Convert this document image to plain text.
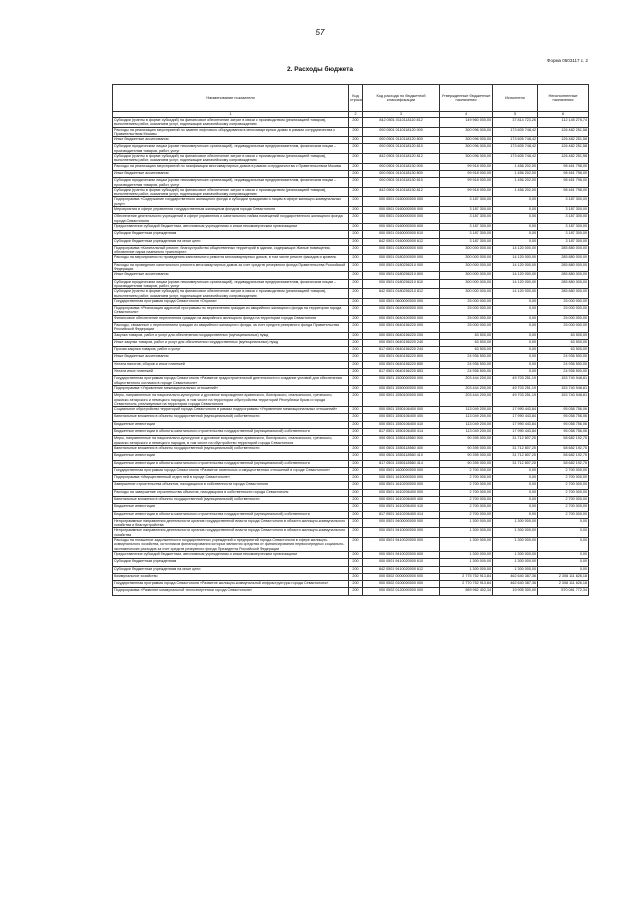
57
Форма 0503117 с. 2
2. Расходы бюджета
Наименование показателя	Код строки	Код расхода по бюджетной классификации	Утвержденные бюджетные назначения	Исполнено	Неисполненные назначения
1	2	3	4	5	6
Субсидии (гранты в форме субсидий) на финансовое обеспечение затрат в связи с производством (реализацией товаров), выполнением работ, оказанием услуг, подлежащие казначейскому сопровождению	200	842 0501 0110118110 812	149 960 000,00	37 814 723,26	112 145 276,74
Расходы на реализацию мероприятий по замене лифтового оборудования в многоквартирных домах в рамках сотрудничества с Правительством Москвы	200	000 0501 0110118120 000	300 096 000,00	173 605 748,42	126 482 251,58
Иные бюджетные ассигнования	200	000 0501 0110118120 800	300 096 000,00	173 605 748,42	126 482 251,58
Субсидии юридическим лицам (кроме некоммерческих организаций), индивидуальным предпринимателям, физическим лицам – производителям товаров, работ, услуг	200	000 0501 0110118120 810	300 096 000,00	173 605 748,42	126 482 251,58
Субсидии (гранты в форме субсидий) на финансовое обеспечение затрат в связи с производством (реализацией товаров), выполнением работ, оказанием услуг, подлежащие казначейскому сопровождению	200	842 0501 0110118120 812	300 096 000,00	173 605 748,42	126 482 251,58
Расходы на реализацию мероприятий по газификации многоквартирных домов в рамках сотрудничества с Правительством Москвы	200	000 0501 0110118130 000	99 918 000,00	1 456 202,00	98 461 798,00
Иные бюджетные ассигнования	200	000 0501 0110118130 800	99 918 000,00	1 456 202,00	98 461 798,00
Субсидии юридическим лицам (кроме некоммерческих организаций), индивидуальным предпринимателям, физическим лицам – производителям товаров, работ, услуг	200	000 0501 0110118130 810	99 918 000,00	1 456 202,00	98 461 798,00
Субсидии (гранты в форме субсидий) на финансовое обеспечение затрат в связи с производством (реализацией товаров), выполнением работ, оказанием услуг, подлежащие казначейскому сопровождению	200	842 0501 0110118130 812	99 918 000,00	1 456 202,00	98 461 798,00
Подпрограмма «Содержание государственного жилищного фонда и субсидии гражданам и лицам в сфере жилищно-коммунальных услуг»	200	000 0501 0160000000 000	3 187 300,00	0,00	3 187 300,00
Мероприятия в сфере управления государственным жилищным фондом города Севастополя	200	000 0501 0160000000 000	3 187 300,00	0,00	3 187 300,00
Обеспечение деятельности учреждений в сфере управления и капитального найма помещений государственного жилищного фонда города Севастополя	200	000 0501 0160000000 000	3 187 300,00	0,00	3 187 300,00
Предоставление субсидий бюджетным, автономным учреждениям и иным некоммерческим организациям	200	000 0501 0160000000 600	3 187 300,00	0,00	3 187 300,00
Субсидии бюджетным учреждениям	200	000 0501 0160000000 610	3 187 300,00	0,00	3 187 300,00
Субсидии бюджетным учреждениям на иные цели	200	842 0501 0160000000 612	3 187 300,00	0,00	3 187 300,00
Подпрограмма «Капитальный ремонт, благоустройство общественных территорий в здании, содержащих Жилые помещения, обновление парка наземного транспорта»	200	000 0501 0180000000 000	300 000 000,00	14 120 000,00	285 880 000,00
Расходы на мероприятия по проведению капитального ремонта многоквартирных домов, в том числе ремонт фасадов и кровель	200	000 0501 0180200000 000	300 000 000,00	14 120 000,00	285 880 000,00
Расходы на проведение капитального ремонта многоквартирных домов за счет средств резервного фонда Правительства Российской Федерации	200	000 0501 0180256210 000	300 000 000,00	14 120 000,00	285 880 000,00
Иные бюджетные ассигнования	200	000 0501 0180256210 800	300 000 000,00	14 120 000,00	285 880 000,00
Субсидии юридическим лицам (кроме некоммерческих организаций), индивидуальным предпринимателям, физическим лицам – производителям товаров, работ, услуг	200	000 0501 0180256210 810	300 000 000,00	14 120 000,00	285 880 000,00
Субсидии (гранты в форме субсидий) на финансовое обеспечение затрат в связи с производством (реализацией товаров), выполнением работ, оказанием услуг, подлежащие казначейскому сопровождению	200	842 0501 0180256210 812	300 000 000,00	14 120 000,00	285 880 000,00
Государственная программа города Севастополя «Охрана»	200	000 0501 0600000000 000	25 000 000,00	0,00	25 000 000,00
Подпрограмма «Реализация адресной программы по переселению граждан из аварийного жилищного фонда на территории города Севастополя»	200	000 0501 0640000000 000	25 000 000,00	0,00	25 000 000,00
Финансовое обеспечение переселения граждан из аварийного жилищного фонда на территории города Севастополя	200	000 0501 0640100000 000	25 000 000,00	0,00	25 000 000,00
Расходы, связанные с переселением граждан из аварийного жилищного фонда, за счет средств резервного фонда Правительства Российской Федерации	200	000 0501 0640156220 000	25 000 000,00	0,00	25 000 000,00
Закупка товаров, работ и услуг для обеспечения государственных (муниципальных) нужд	200	000 0501 0640156220 200	63 500,00	0,00	63 500,00
Иные закупки товаров, работ и услуг для обеспечения государственных (муниципальных) нужд	200	000 0501 0640156220 240	63 500,00	0,00	63 500,00
Прочая закупка товаров, работ и услуг	200	817 0501 0640156220 244	63 500,00	0,00	63 500,00
Иные бюджетные ассигнования	200	000 0501 0640156220 800	24 936 500,00	0,00	24 936 500,00
Уплата налогов, сборов и иных платежей	200	000 0501 0640156220 850	24 936 500,00	0,00	24 936 500,00
Уплата иных платежей	200	817 0501 0640156220 853	24 936 500,00	0,00	24 936 500,00
Государственная программа города Севастополя «Развитие градостроительной деятельности и создание условий для обеспечения общественного согласия в городе Севастополе»	200	000 0501 1500000000 000	203 444 200,00	49 703 251,19	153 740 948,81
Подпрограмма «Управление межнациональных отношений»	200	000 0501 1550000000 000	203 444 200,00	49 703 251,19	153 740 948,81
Меры, направленные на национально-культурное и духовное возрождение армянского, болгарского, итальянского, греческого, крымско-татарского и немецкого народов, в том числе на территории обустройства территорий Республики Крым и города Севастополя, реализуемые на территории города Севастополя	200	000 0501 1550100000 000	203 444 200,00	49 703 251,19	153 740 948,81
Социальное обустройство территорий города Севастополя в рамках подпрограммы «Управление межнациональных отношений»	200	000 0501 1550106400 000	113 049 200,00	17 990 443,84	95 058 756,06
Капитальные вложения в объекты государственной (муниципальной) собственности	200	000 0501 1550106400 400	113 049 200,00	17 990 443,84	95 058 756,06
Бюджетные инвестиции	200	000 0501 1550106400 410	113 049 200,00	17 990 443,84	95 058 756,06
Бюджетные инвестиции в объекты капитального строительства государственной (муниципальной) собственности	200	817 0501 1550106400 414	113 049 200,00	17 990 443,84	95 058 756,06
Меры, направленные на национально-культурное и духовное возрождение армянского, болгарского, итальянского, греческого, крымско-татарского и немецкого народов, в том числе на обустройство территорий города Севастополя	200	000 0501 1550118560 000	90 395 000,00	31 712 807,25	58 682 192,75
Капитальные вложения в объекты государственной (муниципальной) собственности	200	000 0501 1550118560 400	90 395 000,00	31 712 807,25	58 682 192,75
Бюджетные инвестиции	200	000 0501 1550118560 410	90 395 000,00	31 712 807,25	58 682 192,75
Бюджетные инвестиции в объекты капитального строительства государственной (муниципальной) собственности	200	817 0501 1550118560 414	90 395 000,00	31 712 807,25	58 682 192,75
Государственная программа города Севастополя «Развитие земельных и имущественных отношений в городе Севастополе»	200	000 0501 1600000000 000	2 700 000,00	0,00	2 700 000,00
Подпрограмма «Имущественный отдел ней в городе Севастополе»	200	000 0501 1610000000 000	2 700 000,00	0,00	2 700 000,00
Завершение строительства объектов, находящихся в собственности города Севастополя	200	000 0501 1610200000 000	2 700 000,00	0,00	2 700 000,00
Расходы на завершение строительства объектов, находящихся в собственности города Севастополя	200	000 0501 1610206400 000	2 700 000,00	0,00	2 700 000,00
Капитальные вложения в объекты государственной (муниципальной) собственности	200	000 0501 1610206400 400	2 700 000,00	0,00	2 700 000,00
Бюджетные инвестиции	200	000 0501 1610206400 410	2 700 000,00	0,00	2 700 000,00
Бюджетные инвестиции в объекты капитального строительства государственной (муниципальной) собственности	200	817 0501 1610206400 414	2 700 000,00	0,00	2 700 000,00
Непрограммные направления деятельности органов государственной власти города Севастополя в области жилищно-коммунального хозяйства и благоустройства	200	000 0501 9400000000 000	1 300 000,00	1 300 000,00	0,00
Непрограммные направления деятельности органов государственной власти города Севастополя в области жилищно-коммунального хозяйства	200	000 0501 9410000000 000	1 300 000,00	1 300 000,00	0,00
Расходы на погашение задолженности государственных учреждений и предприятий города Севастополя в сфере жилищно-коммунального хозяйства, источником финансирования которых являются средства от финансирования первоочередных социально-экономических расходов за счет средств резервного фонда Президента Российской Федерации	200	000 0501 9410020000 000	1 300 000,00	1 300 000,00	0,00
Предоставление субсидий бюджетным, автономным учреждениям и иным некоммерческим организациям	200	000 0501 9410020000 600	1 300 000,00	1 300 000,00	0,00
Субсидии бюджетным учреждениям	200	000 0501 9410020000 610	1 300 000,00	1 300 000,00	0,00
Субсидии бюджетным учреждениям на иные цели	200	842 0501 9410020000 612	1 300 000,00	1 300 000,00	0,00
Коммунальное хозяйство	200	000 0502 0000000000 000	2 775 752 913,84	462 640 387,36	2 308 111 626,18
Государственная программа города Севастополя «Развитие жилищно-коммунальной инфраструктуры города Севастополя»	200	000 0502 0100000000 000	2 770 752 913,84	462 640 387,36	2 308 111 626,18
Подпрограмма «Развитие коммунальной теплоэнергетики города Севастополя»	200	000 0502 0120000000 000	589 982 402,34	19 905 300,00	570 081 772,34
